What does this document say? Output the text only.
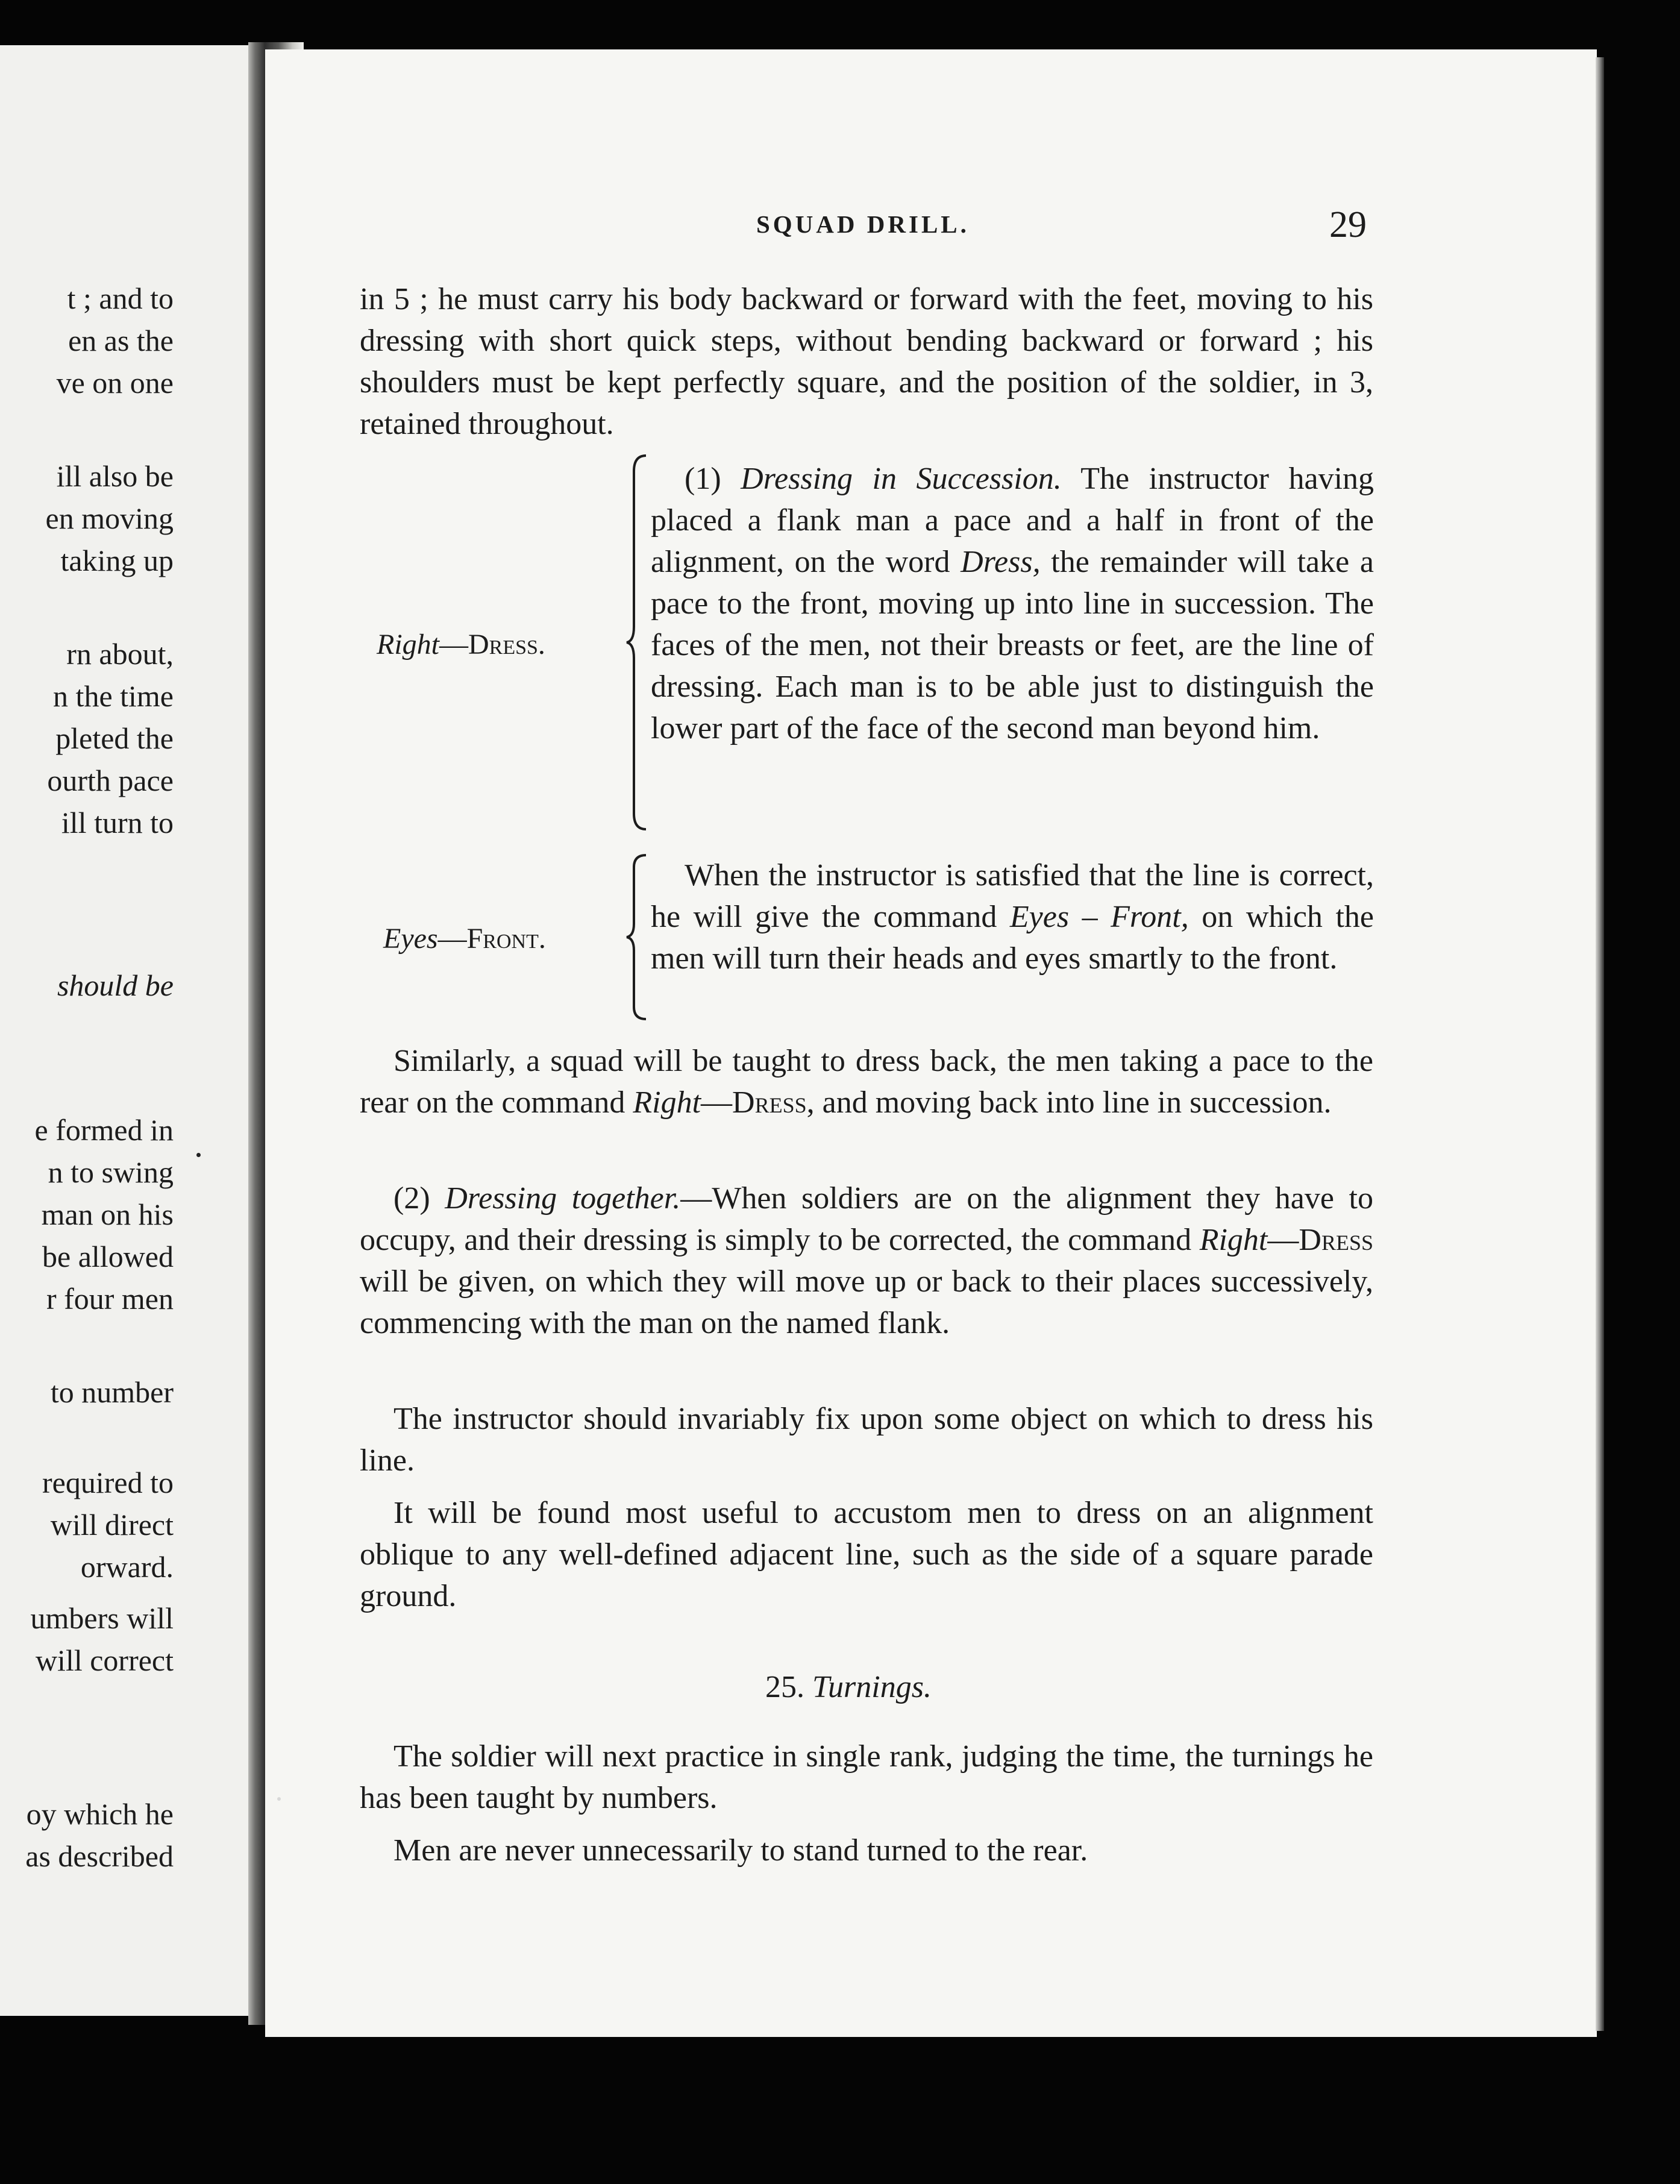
t ; and to
en as the
ve on one
ill also be
en moving
taking up
rn about,
n the time
pleted the
ourth pace
ill turn to
should be
e formed in
n to swing
man on his
be allowed
r four men
to number
required to
will direct
orward.
umbers will
will correct
oy which he
as described
SQUAD DRILL.	29
in 5 ; he must carry his body backward or forward with the feet, moving to his dressing with short quick steps, without bending backward or forward ; his shoulders must be kept perfectly square, and the position of the soldier, in 3, retained throughout.
Right—Dress.
(1) Dressing in Succession. The instructor having placed a flank man a pace and a half in front of the alignment, on the word Dress, the remainder will take a pace to the front, moving up into line in succession. The faces of the men, not their breasts or feet, are the line of dressing. Each man is to be able just to distinguish the lower part of the face of the second man beyond him.
Eyes—Front.
When the instructor is satisfied that the line is correct, he will give the command Eyes – Front, on which the men will turn their heads and eyes smartly to the front.
Similarly, a squad will be taught to dress back, the men taking a pace to the rear on the command Right—Dress, and moving back into line in succession.
(2) Dressing together.—When soldiers are on the alignment they have to occupy, and their dressing is simply to be corrected, the command Right—Dress will be given, on which they will move up or back to their places successively, commencing with the man on the named flank.
The instructor should invariably fix upon some object on which to dress his line.
It will be found most useful to accustom men to dress on an alignment oblique to any well-defined adjacent line, such as the side of a square parade ground.
25. Turnings.
The soldier will next practice in single rank, judging the time, the turnings he has been taught by numbers.
Men are never unnecessarily to stand turned to the rear.
